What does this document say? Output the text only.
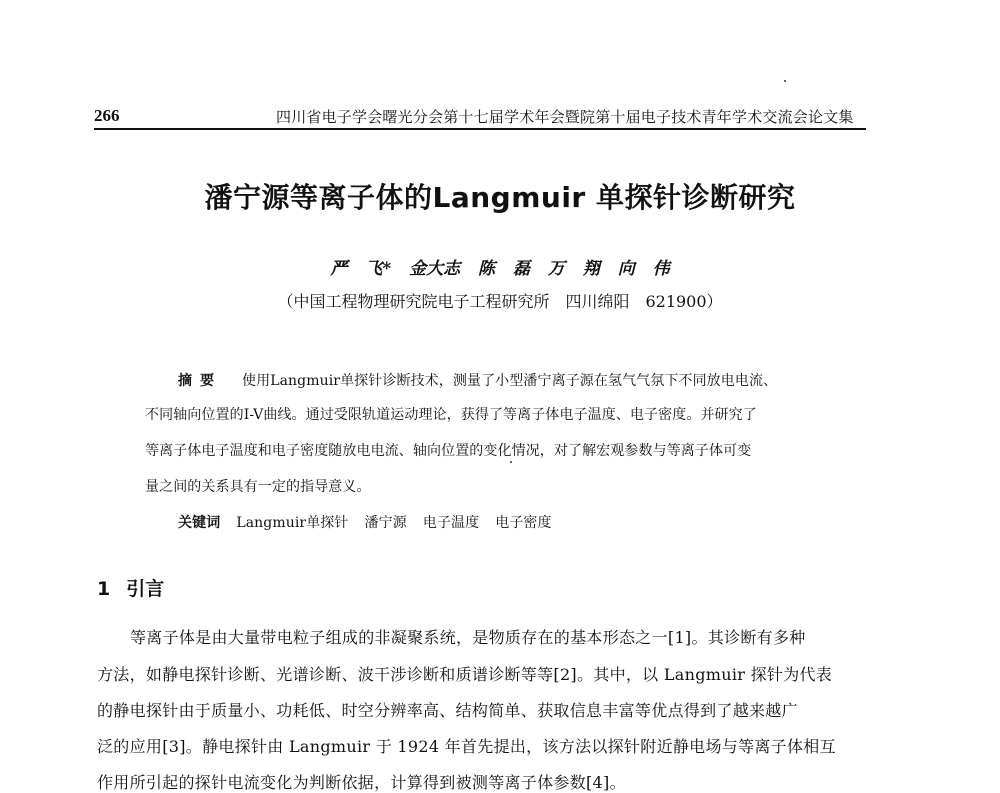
266	四川省电子学会曙光分会第十七届学术年会暨院第十届电子技术青年学术交流会论文集
潘宁源等离子体的Langmuir 单探针诊断研究
严 飞* 金大志 陈 磊 万 翔 向 伟
（中国工程物理研究院电子工程研究所　四川绵阳　621900）
摘要 使用Langmuir单探针诊断技术，测量了小型潘宁离子源在氢气气氛下不同放电电流、
不同轴向位置的I-V曲线。通过受限轨道运动理论，获得了等离子体电子温度、电子密度。并研究了
等离子体电子温度和电子密度随放电电流、轴向位置的变化情况，对了解宏观参数与等离子体可变
量之间的关系具有一定的指导意义。
关键词 Langmuir单探针 潘宁源 电子温度 电子密度
1 引言
等离子体是由大量带电粒子组成的非凝聚系统，是物质存在的基本形态之一[1]。其诊断有多种
方法，如静电探针诊断、光谱诊断、波干涉诊断和质谱诊断等等[2]。其中，以 Langmuir 探针为代表
的静电探针由于质量小、功耗低、时空分辨率高、结构简单、获取信息丰富等优点得到了越来越广
泛的应用[3]。静电探针由 Langmuir 于 1924 年首先提出，该方法以探针附近静电场与等离子体相互
作用所引起的探针电流变化为判断依据，计算得到被测等离子体参数[4]。
